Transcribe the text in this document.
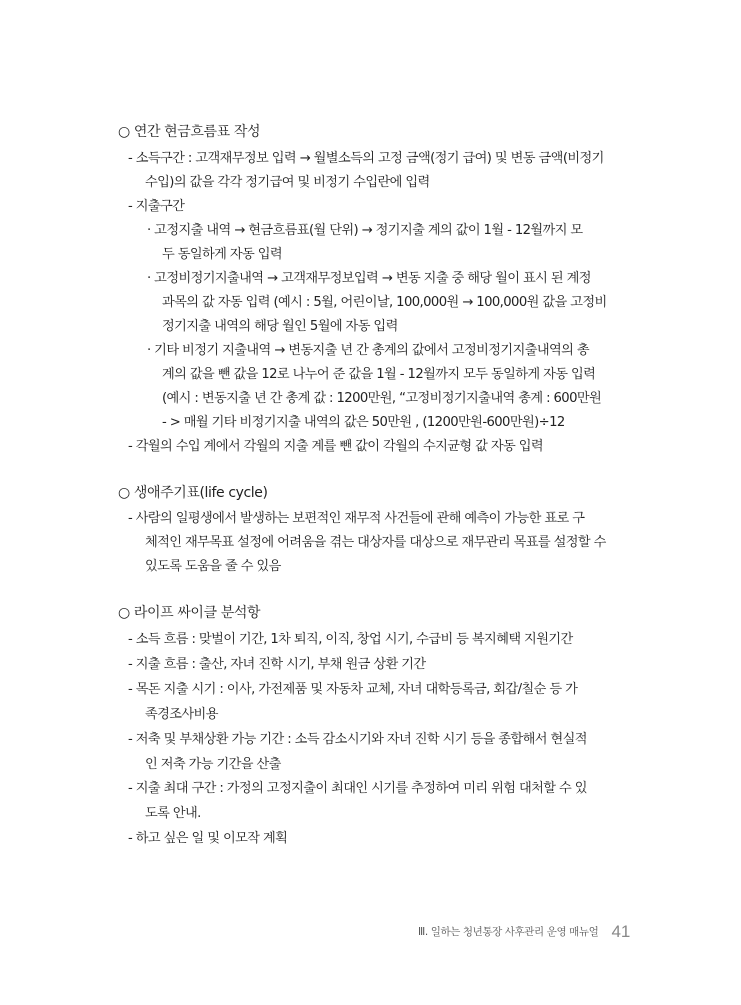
○ 연간 현금흐름표 작성
- 소득구간 : 고객재무정보 입력 → 월별소득의 고정 금액(정기 급여) 및 변동 금액(비정기
수입)의 값을 각각 정기급여 및 비정기 수입란에 입력
- 지출구간
· 고정지출 내역 → 현금흐름표(월 단위) → 정기지출 계의 값이 1월 - 12월까지 모
두 동일하게 자동 입력
· 고정비정기지출내역 → 고객재무정보입력 → 변동 지출 중 해당 월이 표시 된 계정
과목의 값 자동 입력 (예시 : 5월, 어린이날, 100,000원 → 100,000원 값을 고정비
정기지출 내역의 해당 월인 5월에 자동 입력
· 기타 비정기 지출내역 → 변동지출 년 간 총계의 값에서 고정비정기지출내역의 총
계의 값을 뺀 값을 12로 나누어 준 값을 1월 - 12월까지 모두 동일하게 자동 입력
(예시 : 변동지출 년 간 총계 값 : 1200만원, “고정비정기지출내역 총계 : 600만원
- > 매월 기타 비정기지출 내역의 값은 50만원 , (1200만원-600만원)÷12
- 각월의 수입 계에서 각월의 지출 계를 뺀 값이 각월의 수지균형 값 자동 입력
○ 생애주기표(life cycle)
- 사람의 일평생에서 발생하는 보편적인 재무적 사건들에 관해 예측이 가능한 표로 구
체적인 재무목표 설정에 어려움을 겪는 대상자를 대상으로 재무관리 목표를 설정할 수
있도록 도움을 줄 수 있음
○ 라이프 싸이클 분석항
- 소득 흐름 : 맞벌이 기간, 1차 퇴직, 이직, 창업 시기, 수급비 등 복지혜택 지원기간
- 지출 흐름 : 출산, 자녀 진학 시기, 부채 원금 상환 기간
- 목돈 지출 시기 : 이사, 가전제품 및 자동차 교체, 자녀 대학등록금, 회갑/칠순 등 가
족경조사비용
- 저축 및 부채상환 가능 기간 : 소득 감소시기와 자녀 진학 시기 등을 종합해서 현실적
인 저축 가능 기간을 산출
- 지출 최대 구간 : 가정의 고정지출이 최대인 시기를 추정하여 미리 위험 대처할 수 있
도록 안내.
- 하고 싶은 일 및 이모작 계획
Ⅲ. 일하는 청년통장 사후관리 운영 매뉴얼 41
